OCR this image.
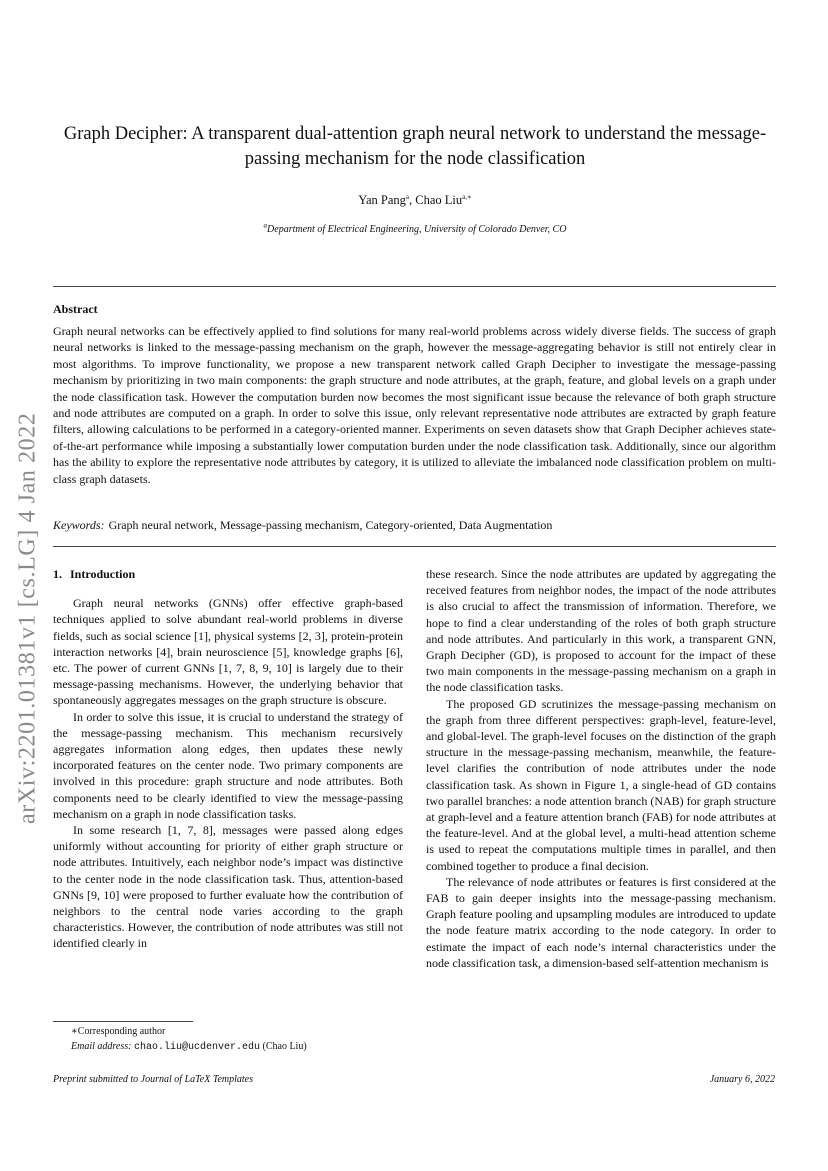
arXiv:2201.01381v1 [cs.LG] 4 Jan 2022
Graph Decipher: A transparent dual-attention graph neural network to understand the message-passing mechanism for the node classification
Yan Pang$^a$, Chao Liu$^{a,∗}$
$^a$Department of Electrical Engineering, University of Colorado Denver, CO
Abstract
Graph neural networks can be effectively applied to find solutions for many real-world problems across widely diverse fields. The success of graph neural networks is linked to the message-passing mechanism on the graph, however the message-aggregating behavior is still not entirely clear in most algorithms. To improve functionality, we propose a new transparent network called Graph Decipher to investigate the message-passing mechanism by prioritizing in two main components: the graph structure and node attributes, at the graph, feature, and global levels on a graph under the node classification task. However the computation burden now becomes the most significant issue because the relevance of both graph structure and node attributes are computed on a graph. In order to solve this issue, only relevant representative node attributes are extracted by graph feature filters, allowing calculations to be performed in a category-oriented manner. Experiments on seven datasets show that Graph Decipher achieves state-of-the-art performance while imposing a substantially lower computation burden under the node classification task. Additionally, since our algorithm has the ability to explore the representative node attributes by category, it is utilized to alleviate the imbalanced node classification problem on multi-class graph datasets.
Keywords: Graph neural network, Message-passing mechanism, Category-oriented, Data Augmentation
1. Introduction

Graph neural networks (GNNs) offer effective graph-based techniques applied to solve abundant real-world problems in diverse fields, such as social science [1], physical systems [2, 3], protein-protein interaction networks [4], brain neuroscience [5], knowledge graphs [6], etc. The power of current GNNs [1, 7, 8, 9, 10] is largely due to their message-passing mechanisms. However, the underlying behavior that spontaneously aggregates messages on the graph structure is obscure.

In order to solve this issue, it is crucial to understand the strategy of the message-passing mechanism. This mechanism recursively aggregates information along edges, then updates these newly incorporated features on the center node. Two primary components are involved in this procedure: graph structure and node attributes. Both components need to be clearly identified to view the message-passing mechanism on a graph in node classification tasks.

In some research [1, 7, 8], messages were passed along edges uniformly without accounting for priority of either graph structure or node attributes. Intuitively, each neighbor node’s impact was distinctive to the center node in the node classification task. Thus, attention-based GNNs [9, 10] were proposed to further evaluate how the contribution of neighbors to the central node varies according to the graph characteristics. However, the contribution of node attributes was still not identified clearly in

these research. Since the node attributes are updated by aggregating the received features from neighbor nodes, the impact of the node attributes is also crucial to affect the transmission of information. Therefore, we hope to find a clear understanding of the roles of both graph structure and node attributes. And particularly in this work, a transparent GNN, Graph Decipher (GD), is proposed to account for the impact of these two main components in the message-passing mechanism on a graph in the node classification tasks.

The proposed GD scrutinizes the message-passing mechanism on the graph from three different perspectives: graph-level, feature-level, and global-level. The graph-level focuses on the distinction of the graph structure in the message-passing mechanism, meanwhile, the feature-level clarifies the contribution of node attributes under the node classification task. As shown in Figure 1, a single-head of GD contains two parallel branches: a node attention branch (NAB) for graph structure at graph-level and a feature attention branch (FAB) for node attributes at the feature-level. And at the global level, a multi-head attention scheme is used to repeat the computations multiple times in parallel, and then combined together to produce a final decision.

The relevance of node attributes or features is first considered at the FAB to gain deeper insights into the message-passing mechanism. Graph feature pooling and upsampling modules are introduced to update the node feature matrix according to the node category. In order to estimate the impact of each node’s internal characteristics under the node classification task, a dimension-based self-attention mechanism is

∗Corresponding author
Email address: chao.liu@ucdenver.edu (Chao Liu)
Preprint submitted to Journal of LaTeX Templates	January 6, 2022
